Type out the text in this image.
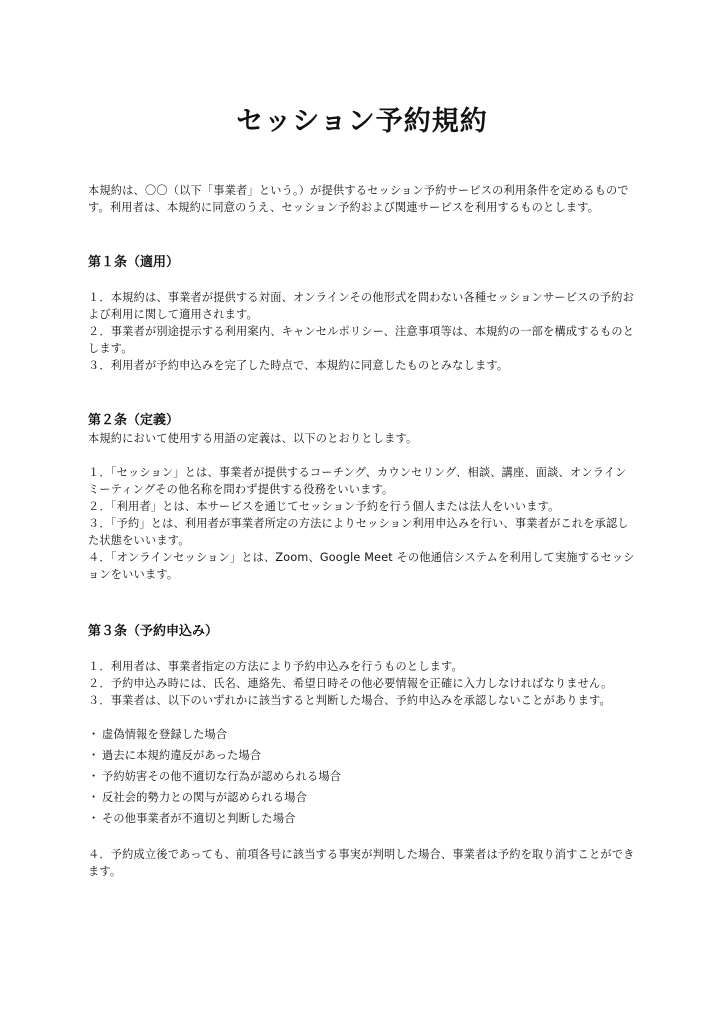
セッション予約規約

本規約は、〇〇（以下「事業者」という。）が提供するセッション予約サービスの利用条件を定めるものです。利用者は、本規約に同意のうえ、セッション予約および関連サービスを利用するものとします。

第１条（適用）

１．本規約は、事業者が提供する対面、オンラインその他形式を問わない各種セッションサービスの予約および利用に関して適用されます。

２．事業者が別途提示する利用案内、キャンセルポリシー、注意事項等は、本規約の一部を構成するものとします。

３．利用者が予約申込みを完了した時点で、本規約に同意したものとみなします。

第２条（定義）

本規約において使用する用語の定義は、以下のとおりとします。

１．「セッション」とは、事業者が提供するコーチング、カウンセリング、相談、講座、面談、オンラインミーティングその他名称を問わず提供する役務をいいます。

２．「利用者」とは、本サービスを通じてセッション予約を行う個人または法人をいいます。

３．「予約」とは、利用者が事業者所定の方法によりセッション利用申込みを行い、事業者がこれを承認した状態をいいます。

４．「オンラインセッション」とは、Zoom、Google Meet その他通信システムを利用して実施するセッションをいいます。

第３条（予約申込み）

１．利用者は、事業者指定の方法により予約申込みを行うものとします。

２．予約申込み時には、氏名、連絡先、希望日時その他必要情報を正確に入力しなければなりません。

３．事業者は、以下のいずれかに該当すると判断した場合、予約申込みを承認しないことがあります。

・ 虚偽情報を登録した場合
・ 過去に本規約違反があった場合
・ 予約妨害その他不適切な行為が認められる場合
・ 反社会的勢力との関与が認められる場合
・ その他事業者が不適切と判断した場合

４．予約成立後であっても、前項各号に該当する事実が判明した場合、事業者は予約を取り消すことができます。
